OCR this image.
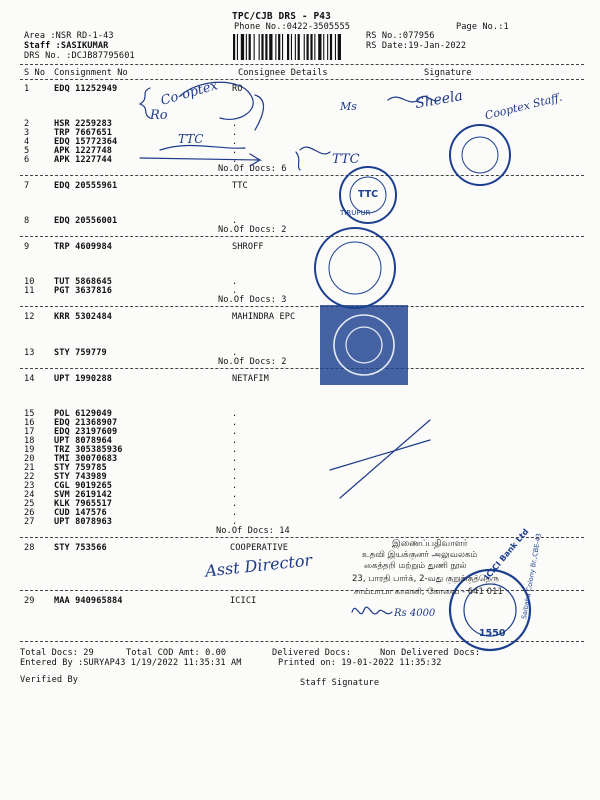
TPC/CJB DRS - P43
Phone No.:0422-3505555	Page No.:1
Area :NSR RD-1-43
Staff :SASIKUMAR
DRS No. :DCJB87795601
RS No.:077956
RS Date:19-Jan-2022
S No Consignment No	Consignee Details	Signature
1	EDQ 11252949	RO
2	HSR 2259283	.
3	TRP 7667651	.
4	EDQ 15772364	.
5	APK 1227748	.
6	APK 1227744	.
No.Of Docs: 6
7	EDQ 20555961	TTC
8	EDQ 20556001	.
No.Of Docs: 2
9	TRP 4609984	SHROFF
10 TUT 5868645	.
11 PGT 3637816	.
No.Of Docs: 3
12 KRR 5302484	MAHINDRA EPC
13 STY 759779	.
No.Of Docs: 2
14 UPT 1990288	NETAFIM
15 POL 6129049	.
16 EDQ 21368907	.
17 EDQ 23197609	.
18 UPT 8078964	.
19 TRZ 305385936	.
20 TMI 30070683	.
21 STY 759785	.
22 STY 743989	.
23 CGL 9019265	.
24 SVM 2619142	.
25 KLK 7965517	.
26 CUD 147576	.
27 UPT 8078963	.
No.Of Docs: 14
28 STY 753566	COOPERATIVE
29 MAA 940965884	ICICI
Total Docs: 29	Total COD Amt: 0.00	Delivered Docs:	Non Delivered Docs:
Entered By :SURYAP43 1/19/2022 11:35:31 AM	Printed on: 19-01-2022 11:35:32
Verified By	Staff Signature
Co-optex
Ro
TTC
TTC
Sheela Cooptex Staff.
Ms
Asst Director
TTC
TIRUPUR
இணைப்பதிவாளர்
உதவி இயக்குனர் அலுவலகம்
கைத்தறி மற்றும் துணி நூல்
23, பாரதி பார்க், 2-வது குறுக்குத்தெரு
சாய்பாபா காலனி, கோவை - 641 011
ICICI Bank Ltd
1550
Saibaba Colony Br.,CBE-43
Rs 4000
